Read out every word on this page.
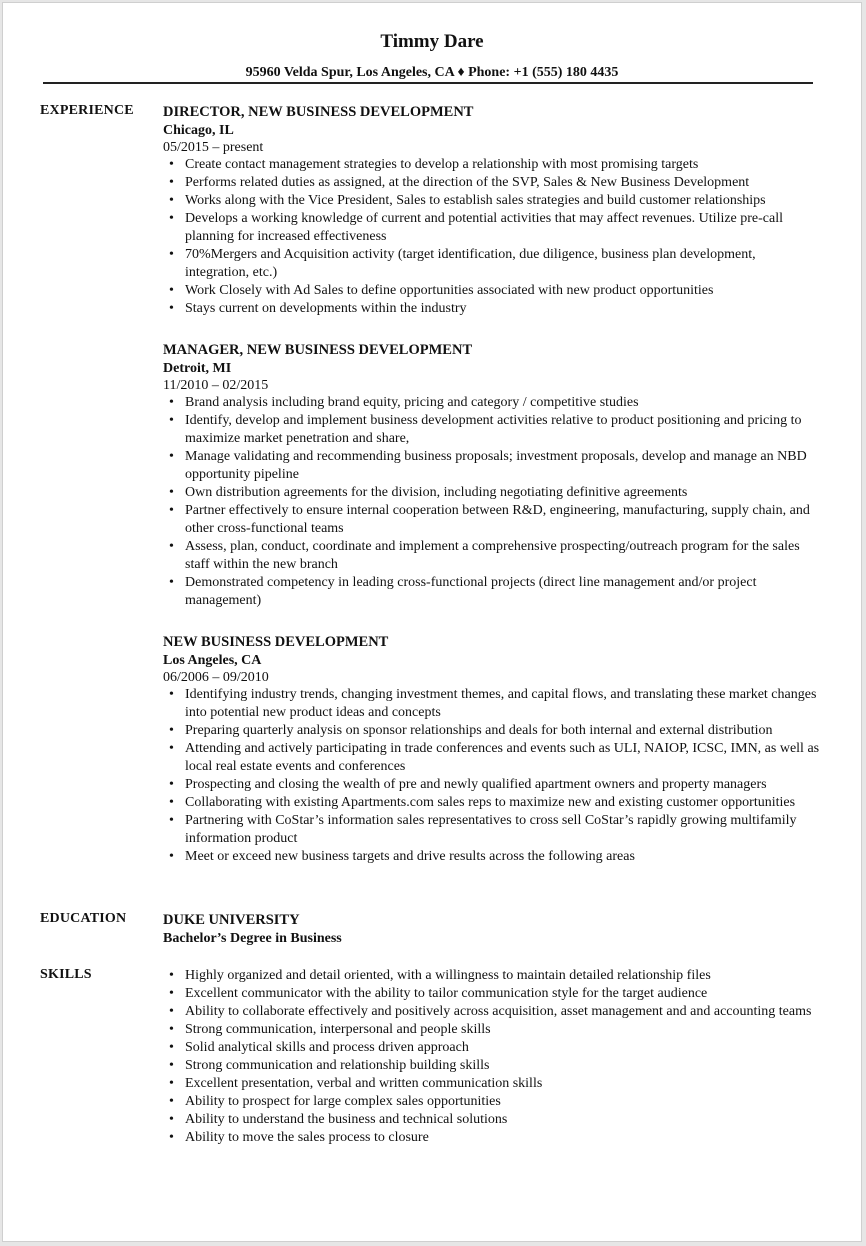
Timmy Dare
95960 Velda Spur, Los Angeles, CA ♦ Phone: +1 (555) 180 4435
EXPERIENCE DIRECTOR, NEW BUSINESS DEVELOPMENT
Chicago, IL
05/2015 – present
• Create contact management strategies to develop a relationship with most promising targets
• Performs related duties as assigned, at the direction of the SVP, Sales & New Business Development
• Works along with the Vice President, Sales to establish sales strategies and build customer relationships
• Develops a working knowledge of current and potential activities that may affect revenues. Utilize pre-call planning for increased effectiveness
• 70%Mergers and Acquisition activity (target identification, due diligence, business plan development, integration, etc.)
• Work Closely with Ad Sales to define opportunities associated with new product opportunities
• Stays current on developments within the industry
MANAGER, NEW BUSINESS DEVELOPMENT
Detroit, MI
11/2010 – 02/2015
• Brand analysis including brand equity, pricing and category / competitive studies
• Identify, develop and implement business development activities relative to product positioning and pricing to maximize market penetration and share,
• Manage validating and recommending business proposals; investment proposals, develop and manage an NBD opportunity pipeline
• Own distribution agreements for the division, including negotiating definitive agreements
• Partner effectively to ensure internal cooperation between R&D, engineering, manufacturing, supply chain, and other cross-functional teams
• Assess, plan, conduct, coordinate and implement a comprehensive prospecting/outreach program for the sales staff within the new branch
• Demonstrated competency in leading cross-functional projects (direct line management and/or project management)
NEW BUSINESS DEVELOPMENT
Los Angeles, CA
06/2006 – 09/2010
• Identifying industry trends, changing investment themes, and capital flows, and translating these market changes into potential new product ideas and concepts
• Preparing quarterly analysis on sponsor relationships and deals for both internal and external distribution
• Attending and actively participating in trade conferences and events such as ULI, NAIOP, ICSC, IMN, as well as local real estate events and conferences
• Prospecting and closing the wealth of pre and newly qualified apartment owners and property managers
• Collaborating with existing Apartments.com sales reps to maximize new and existing customer opportunities
• Partnering with CoStar’s information sales representatives to cross sell CoStar’s rapidly growing multifamily information product
• Meet or exceed new business targets and drive results across the following areas
EDUCATION	DUKE UNIVERSITY
Bachelor’s Degree in Business
SKILLS
•	Highly organized and detail oriented, with a willingness to maintain detailed relationship files
• Excellent communicator with the ability to tailor communication style for the target audience
• Ability to collaborate effectively and positively across acquisition, asset management and and accounting teams
• Strong communication, interpersonal and people skills
• Solid analytical skills and process driven approach
• Strong communication and relationship building skills
• Excellent presentation, verbal and written communication skills
• Ability to prospect for large complex sales opportunities
• Ability to understand the business and technical solutions
• Ability to move the sales process to closure
